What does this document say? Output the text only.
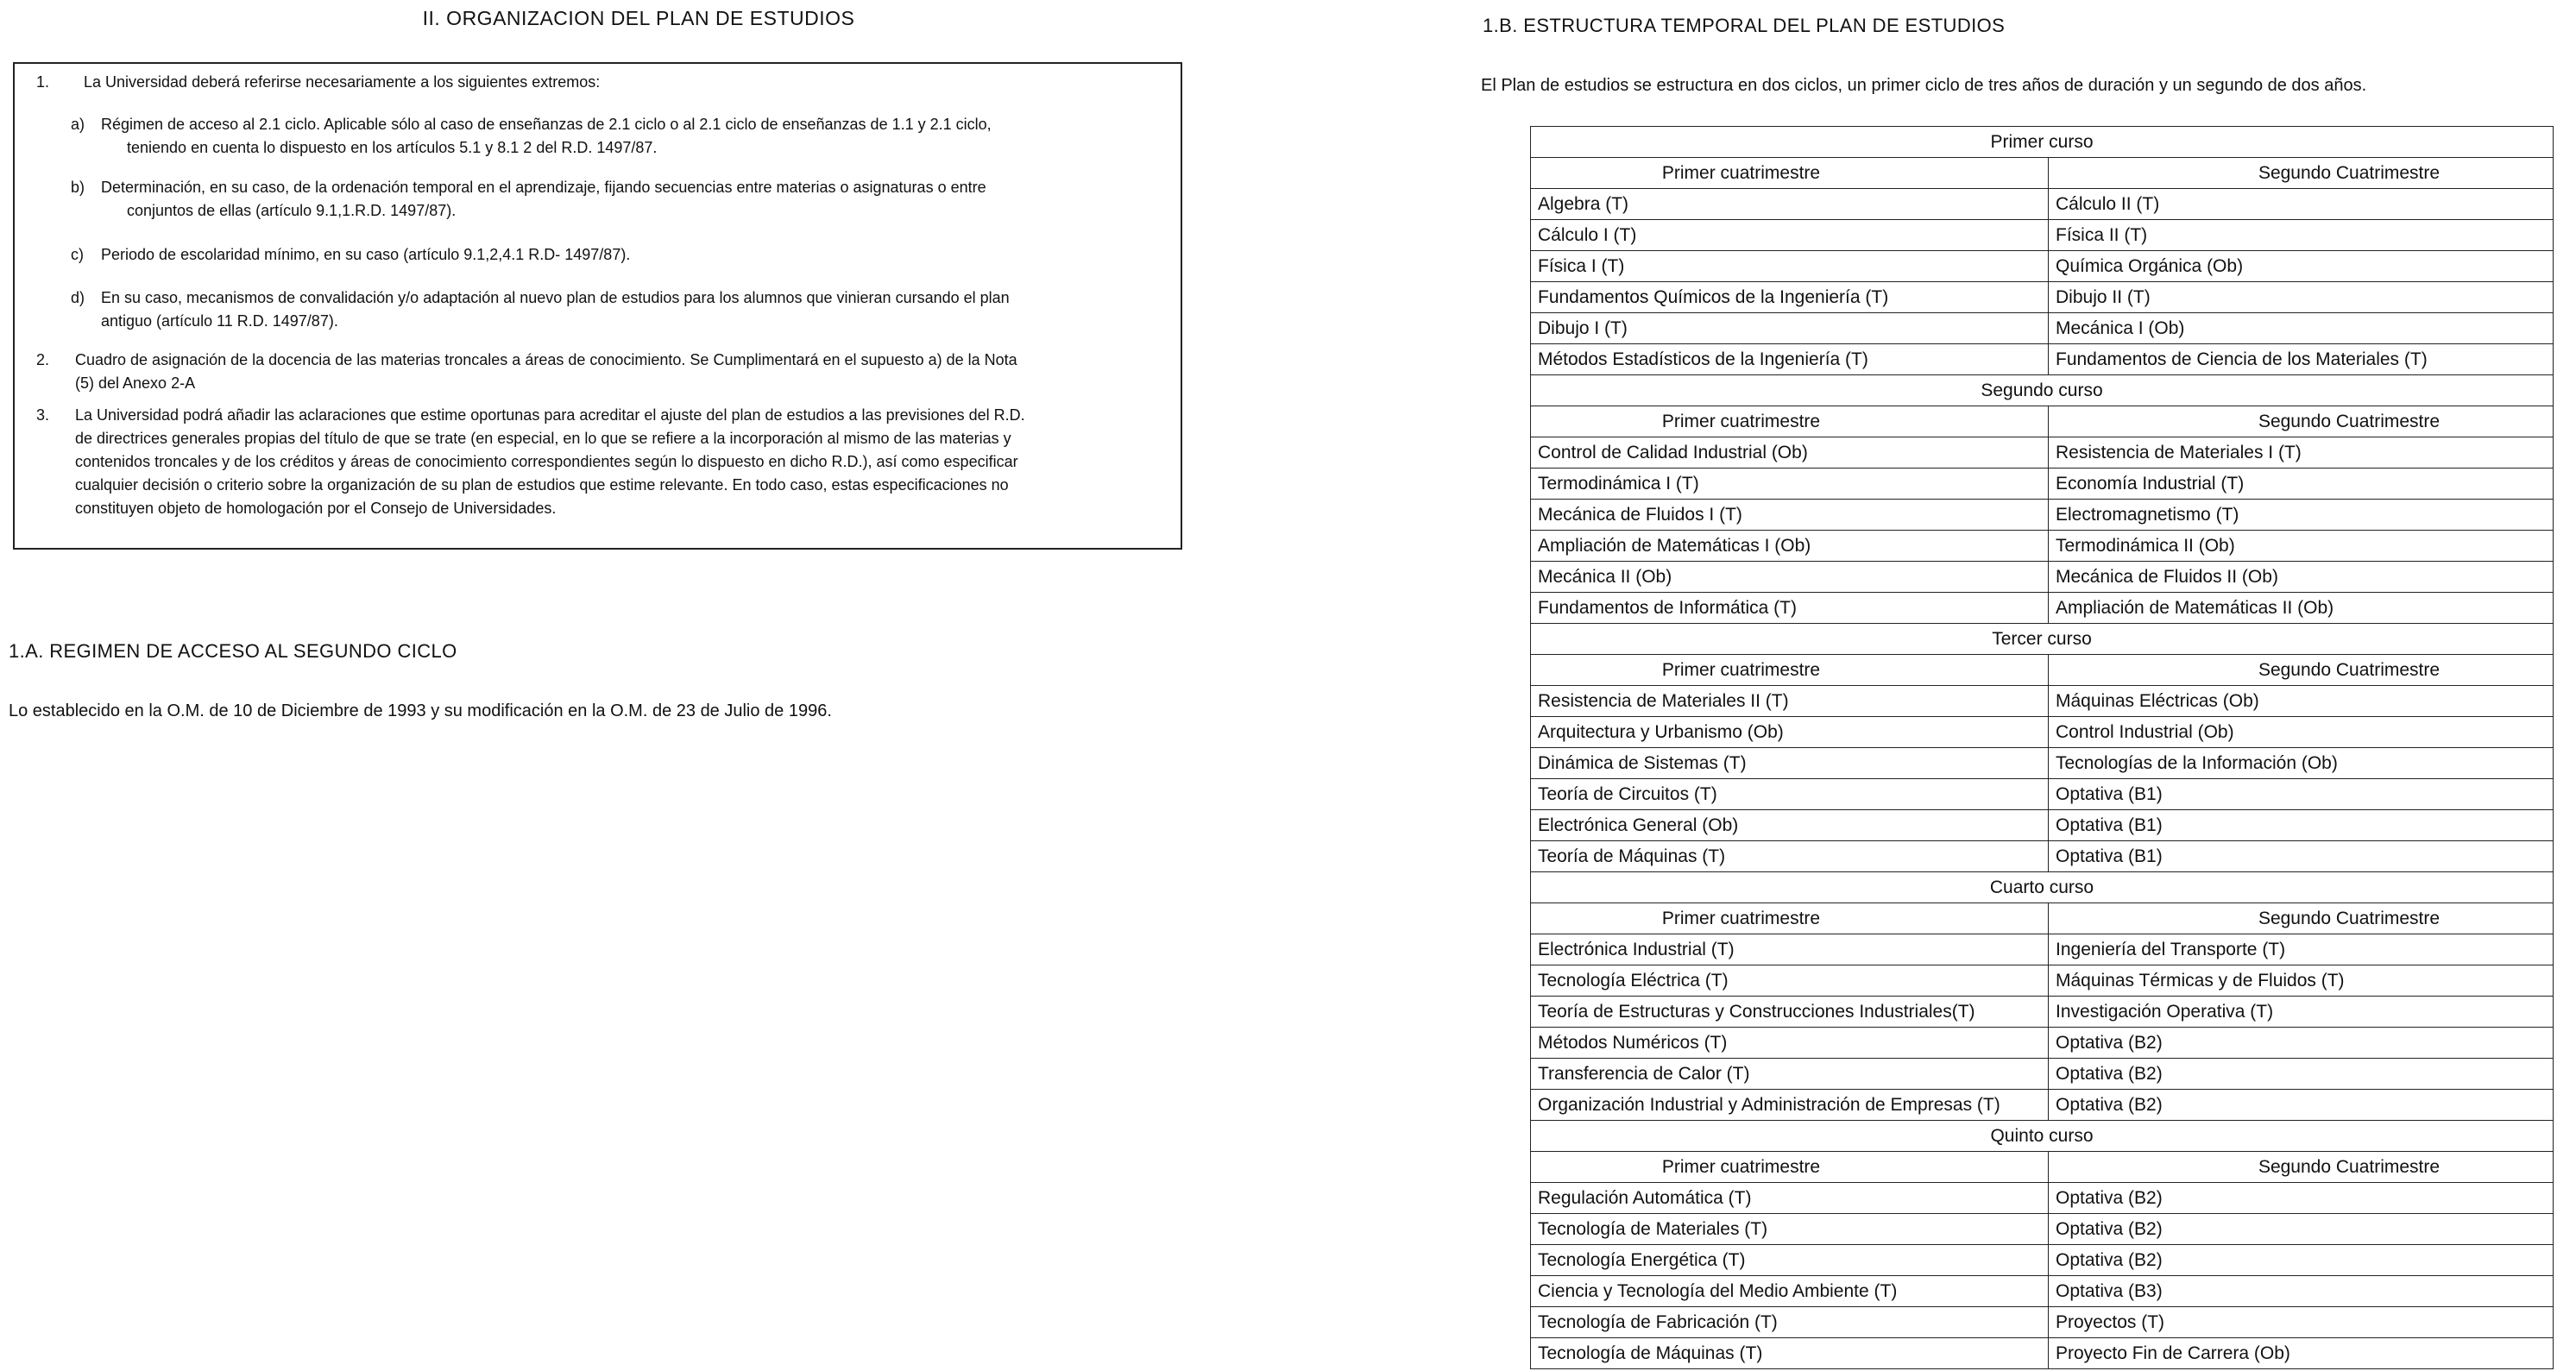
II. ORGANIZACION DEL PLAN DE ESTUDIOS
1.	La Universidad deberá referirse necesariamente a los siguientes extremos:
a)	Régimen de acceso al 2.1 ciclo. Aplicable sólo al caso de enseñanzas de 2.1 ciclo o al 2.1 ciclo de enseñanzas de 1.1 y 2.1 ciclo,
teniendo en cuenta lo dispuesto en los artículos 5.1 y 8.1 2 del R.D. 1497/87.
b)	Determinación, en su caso, de la ordenación temporal en el aprendizaje, fijando secuencias entre materias o asignaturas o entre
conjuntos de ellas (artículo 9.1,1.R.D. 1497/87).
c)	Periodo de escolaridad mínimo, en su caso (artículo 9.1,2,4.1 R.D- 1497/87).
d)	En su caso, mecanismos de convalidación y/o adaptación al nuevo plan de estudios para los alumnos que vinieran cursando el plan
antiguo (artículo 11 R.D. 1497/87).
2.	Cuadro de asignación de la docencia de las materias troncales a áreas de conocimiento. Se Cumplimentará en el supuesto a) de la Nota
(5) del Anexo 2-A
3.	La Universidad podrá añadir las aclaraciones que estime oportunas para acreditar el ajuste del plan de estudios a las previsiones del R.D.
de directrices generales propias del título de que se trate (en especial, en lo que se refiere a la incorporación al mismo de las materias y
contenidos troncales y de los créditos y áreas de conocimiento correspondientes según lo dispuesto en dicho R.D.), así como especificar
cualquier decisión o criterio sobre la organización de su plan de estudios que estime relevante. En todo caso, estas especificaciones no
constituyen objeto de homologación por el Consejo de Universidades.
1.A. REGIMEN DE ACCESO AL SEGUNDO CICLO
Lo establecido en la O.M. de 10 de Diciembre de 1993 y su modificación en la O.M. de 23 de Julio de 1996.
1.B. ESTRUCTURA TEMPORAL DEL PLAN DE ESTUDIOS
El Plan de estudios se estructura en dos ciclos, un primer ciclo de tres años de duración y un segundo de dos años.
Primer curso	
Primer cuatrimestre	Segundo Cuatrimestre
Algebra (T)	Cálculo II (T)
Cálculo I (T)	Física II (T)
Física I (T)	Química Orgánica (Ob)
Fundamentos Químicos de la Ingeniería (T)	Dibujo II (T)
Dibujo I (T)	Mecánica I (Ob)
Métodos Estadísticos de la Ingeniería (T)	Fundamentos de Ciencia de los Materiales (T)
Segundo curso	
Primer cuatrimestre	Segundo Cuatrimestre
Control de Calidad Industrial (Ob)	Resistencia de Materiales I (T)
Termodinámica I (T)	Economía Industrial (T)
Mecánica de Fluidos I (T)	Electromagnetismo (T)
Ampliación de Matemáticas I (Ob)	Termodinámica II (Ob)
Mecánica II (Ob)	Mecánica de Fluidos II (Ob)
Fundamentos de Informática (T)	Ampliación de Matemáticas II (Ob)
Tercer curso	
Primer cuatrimestre	Segundo Cuatrimestre
Resistencia de Materiales II (T)	Máquinas Eléctricas (Ob)
Arquitectura y Urbanismo (Ob)	Control Industrial (Ob)
Dinámica de Sistemas (T)	Tecnologías de la Información (Ob)
Teoría de Circuitos (T)	Optativa (B1)
Electrónica General (Ob)	Optativa (B1)
Teoría de Máquinas (T)	Optativa (B1)
Cuarto curso	
Primer cuatrimestre	Segundo Cuatrimestre
Electrónica Industrial (T)	Ingeniería del Transporte (T)
Tecnología Eléctrica (T)	Máquinas Térmicas y de Fluidos (T)
Teoría de Estructuras y Construcciones Industriales(T)	Investigación Operativa (T)
Métodos Numéricos (T)	Optativa (B2)
Transferencia de Calor (T)	Optativa (B2)
Organización Industrial y Administración de Empresas (T)	Optativa (B2)
Quinto curso	
Primer cuatrimestre	Segundo Cuatrimestre
Regulación Automática (T)	Optativa (B2)
Tecnología de Materiales (T)	Optativa (B2)
Tecnología Energética (T)	Optativa (B2)
Ciencia y Tecnología del Medio Ambiente (T)	Optativa (B3)
Tecnología de Fabricación (T)	Proyectos (T)
Tecnología de Máquinas (T)	Proyecto Fin de Carrera (Ob)
